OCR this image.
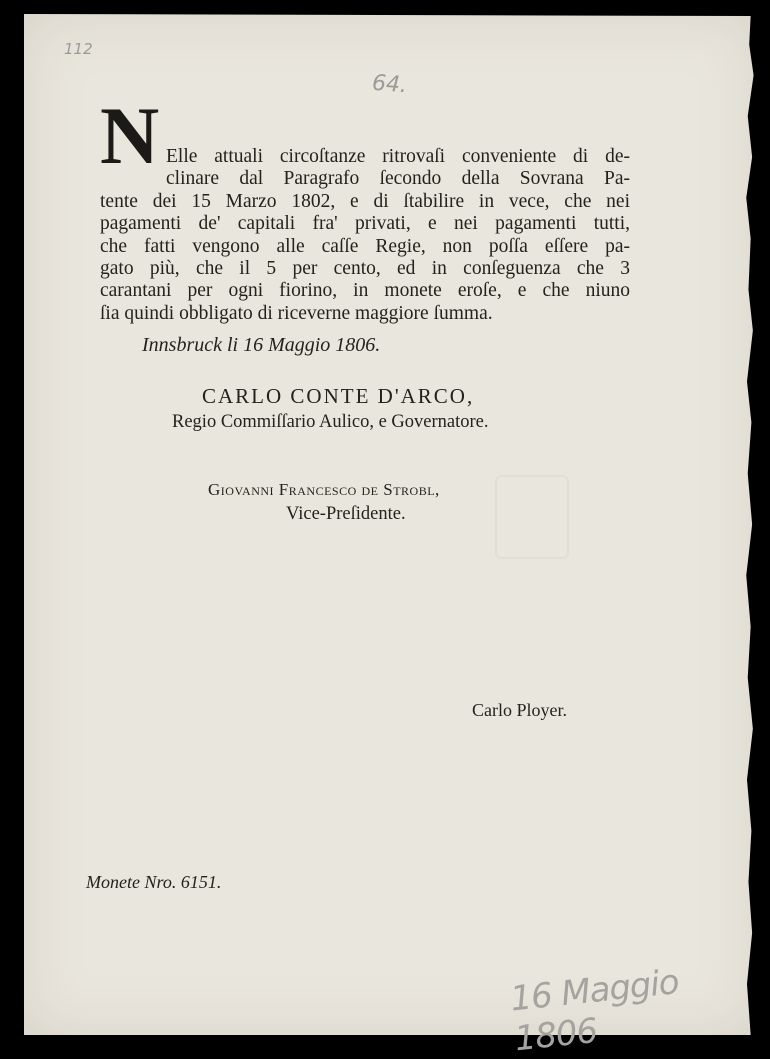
112
64.
N Elle attuali circoſtanze ritrovaſi conveniente di de-
clinare dal Paragrafo ſecondo della Sovrana Pa-
tente dei 15 Marzo 1802, e di ſtabilire in vece, che nei
pagamenti de' capitali fra' privati, e nei pagamenti tutti,
che fatti vengono alle caſſe Regie, non poſſa eſſere pa-
gato più, che il 5 per cento, ed in conſeguenza che 3
carantani per ogni fiorino, in monete eroſe, e che niuno
ſia quindi obbligato di riceverne maggiore ſumma.
Innsbruck li 16 Maggio 1806.
CARLO CONTE D'ARCO,
Regio Commiſſario Aulico, e Governatore.
Giovanni Francesco de Strobl,
Vice-Preſidente.
Carlo Ployer.
Monete Nro. 6151.
16 Maggio 1806
